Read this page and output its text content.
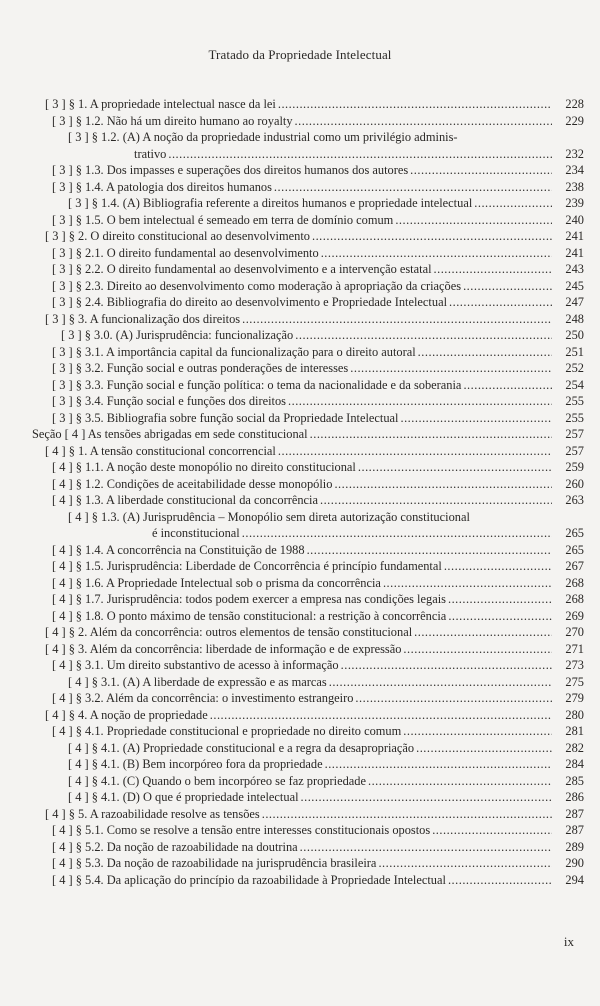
Tratado da Propriedade Intelectual
[ 3 ] § 1. A propriedade intelectual nasce da lei .....	228
[ 3 ] § 1.2. Não há um direito humano ao royalty .....	229
[ 3 ] § 1.2. (A) A noção da propriedade industrial como um privilégio adminis-
trativo .....	232
[ 3 ] § 1.3. Dos impasses e superações dos direitos humanos dos autores .....	234
[ 3 ] § 1.4. A patologia dos direitos humanos .....	238
[ 3 ] § 1.4. (A) Bibliografia referente a direitos humanos e propriedade intelectual .....	239
[ 3 ] § 1.5. O bem intelectual é semeado em terra de domínio comum .....	240
[ 3 ] § 2. O direito constitucional ao desenvolvimento .....	241
[ 3 ] § 2.1. O direito fundamental ao desenvolvimento .....	241
[ 3 ] § 2.2. O direito fundamental ao desenvolvimento e a intervenção estatal .....	243
[ 3 ] § 2.3. Direito ao desenvolvimento como moderação à apropriação da criações .....	245
[ 3 ] § 2.4. Bibliografia do direito ao desenvolvimento e Propriedade Intelectual .....	247
[ 3 ] § 3. A funcionalização dos direitos .....	248
[ 3 ] § 3.0. (A) Jurisprudência: funcionalização .....	250
[ 3 ] § 3.1. A importância capital da funcionalização para o direito autoral .....	251
[ 3 ] § 3.2. Função social e outras ponderações de interesses .....	252
[ 3 ] § 3.3. Função social e função política: o tema da nacionalidade e da soberania .....	254
[ 3 ] § 3.4. Função social e funções dos direitos .....	255
[ 3 ] § 3.5. Bibliografia sobre função social da Propriedade Intelectual .....	255
Seção [ 4 ] As tensões abrigadas em sede constitucional .....	257
[ 4 ] § 1. A tensão constitucional concorrencial .....	257
[ 4 ] § 1.1. A noção deste monopólio no direito constitucional .....	259
[ 4 ] § 1.2. Condições de aceitabilidade desse monopólio .....	260
[ 4 ] § 1.3. A liberdade constitucional da concorrência .....	263
[ 4 ] § 1.3. (A) Jurisprudência – Monopólio sem direta autorização constitucional
é inconstitucional .....	265
[ 4 ] § 1.4. A concorrência na Constituição de 1988 .....	265
[ 4 ] § 1.5. Jurisprudência: Liberdade de Concorrência é princípio fundamental .....	267
[ 4 ] § 1.6. A Propriedade Intelectual sob o prisma da concorrência .....	268
[ 4 ] § 1.7. Jurisprudência: todos podem exercer a empresa nas condições legais .....	268
[ 4 ] § 1.8. O ponto máximo de tensão constitucional: a restrição à concorrência .....	269
[ 4 ] § 2. Além da concorrência: outros elementos de tensão constitucional .....	270
[ 4 ] § 3. Além da concorrência: liberdade de informação e de expressão .....	271
[ 4 ] § 3.1. Um direito substantivo de acesso à informação .....	273
[ 4 ] § 3.1. (A) A liberdade de expressão e as marcas .....	275
[ 4 ] § 3.2. Além da concorrência: o investimento estrangeiro .....	279
[ 4 ] § 4. A noção de propriedade .....	280
[ 4 ] § 4.1. Propriedade constitucional e propriedade no direito comum .....	281
[ 4 ] § 4.1. (A) Propriedade constitucional e a regra da desapropriação .....	282
[ 4 ] § 4.1. (B) Bem incorpóreo fora da propriedade .....	284
[ 4 ] § 4.1. (C) Quando o bem incorpóreo se faz propriedade .....	285
[ 4 ] § 4.1. (D) O que é propriedade intelectual .....	286
[ 4 ] § 5. A razoabilidade resolve as tensões .....	287
[ 4 ] § 5.1. Como se resolve a tensão entre interesses constitucionais opostos .....	287
[ 4 ] § 5.2. Da noção de razoabilidade na doutrina .....	289
[ 4 ] § 5.3. Da noção de razoabilidade na jurisprudência brasileira .....	290
[ 4 ] § 5.4. Da aplicação do princípio da razoabilidade à Propriedade Intelectual .....	294
ix
